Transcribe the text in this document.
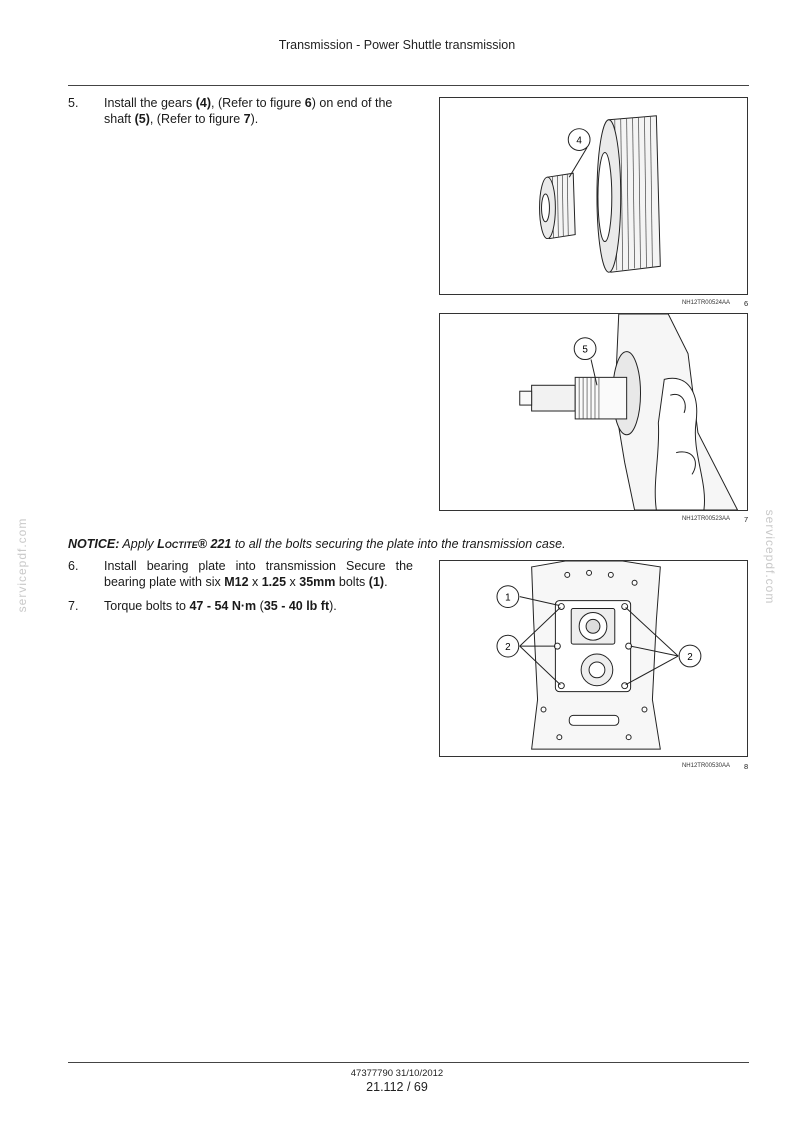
Transmission - Power Shuttle transmission
5.	Install the gears (4), (Refer to figure 6) on end of the shaft (5), (Refer to figure 7).
4
NH12TR00524AA 6
5
NH12TR00523AA 7
NOTICE: Apply Loctite® 221 to all the bolts securing the plate into the transmission case.
6.	Install bearing plate into transmission Secure the bearing plate with six M12 x 1.25 x 35mm bolts (1).
7.	Torque bolts to 47 - 54 N·m (35 - 40 lb ft).
1
2
2
NH12TR00530AA 8
servicepdf.com	servicepdf.com
47377790 31/10/2012
21.112 / 69
